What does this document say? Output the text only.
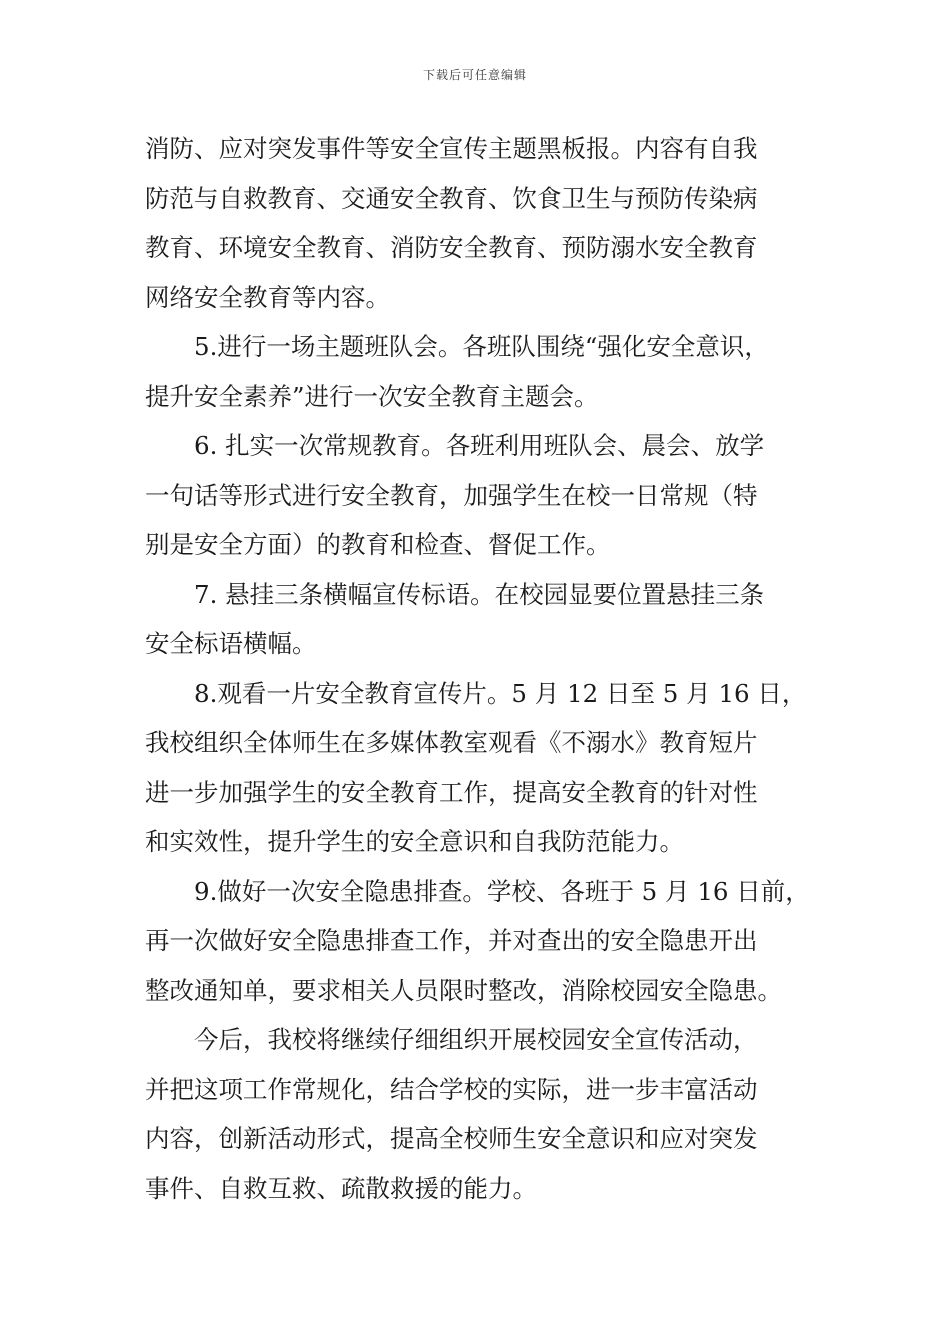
下载后可任意编辑

消防、应对突发事件等安全宣传主题黑板报。内容有自我
防范与自救教育、交通安全教育、饮食卫生与预防传染病
教育、环境安全教育、消防安全教育、预防溺水安全教育
网络安全教育等内容。

5.进行一场主题班队会。各班队围绕“强化安全意识，
提升安全素养”进行一次安全教育主题会。

6. 扎实一次常规教育。各班利用班队会、晨会、放学
一句话等形式进行安全教育，加强学生在校一日常规（特
别是安全方面）的教育和检查、督促工作。

7. 悬挂三条横幅宣传标语。在校园显要位置悬挂三条
安全标语横幅。

8.观看一片安全教育宣传片。5 月 12 日至 5 月 16 日，
我校组织全体师生在多媒体教室观看《不溺水》教育短片
进一步加强学生的安全教育工作，提高安全教育的针对性
和实效性，提升学生的安全意识和自我防范能力。

9.做好一次安全隐患排查。学校、各班于 5 月 16 日前，
再一次做好安全隐患排查工作，并对查出的安全隐患开出
整改通知单，要求相关人员限时整改，消除校园安全隐患。

今后，我校将继续仔细组织开展校园安全宣传活动，
并把这项工作常规化，结合学校的实际，进一步丰富活动
内容，创新活动形式，提高全校师生安全意识和应对突发
事件、自救互救、疏散救援的能力。
